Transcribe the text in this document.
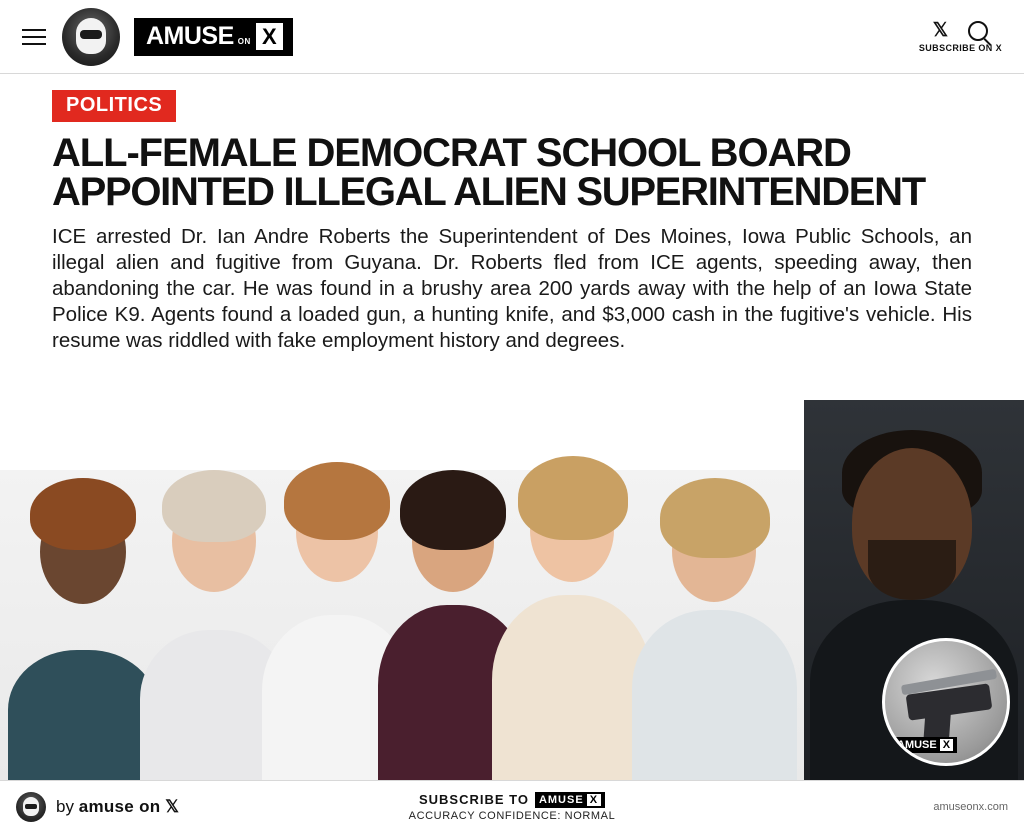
AMUSE ON X	𝕏
SUBSCRIBE ON X
POLITICS
ALL-FEMALE DEMOCRAT SCHOOL BOARD
APPOINTED ILLEGAL ALIEN SUPERINTENDENT

ICE arrested Dr. Ian Andre Roberts the Superintendent of Des Moines, Iowa Public Schools, an illegal alien and fugitive from Guyana. Dr. Roberts fled from ICE agents, speeding away, then abandoning the car. He was found in a brushy area 200 yards away with the help of an Iowa State Police K9. Agents found a loaded gun, a hunting knife, and $3,000 cash in the fugitive's vehicle. His resume was riddled with fake employment history and degrees.

AMUSE X
by amuse on 𝕏	SUBSCRIBE TO AMUSE X
ACCURACY CONFIDENCE: NORMAL
amuseonx.com
